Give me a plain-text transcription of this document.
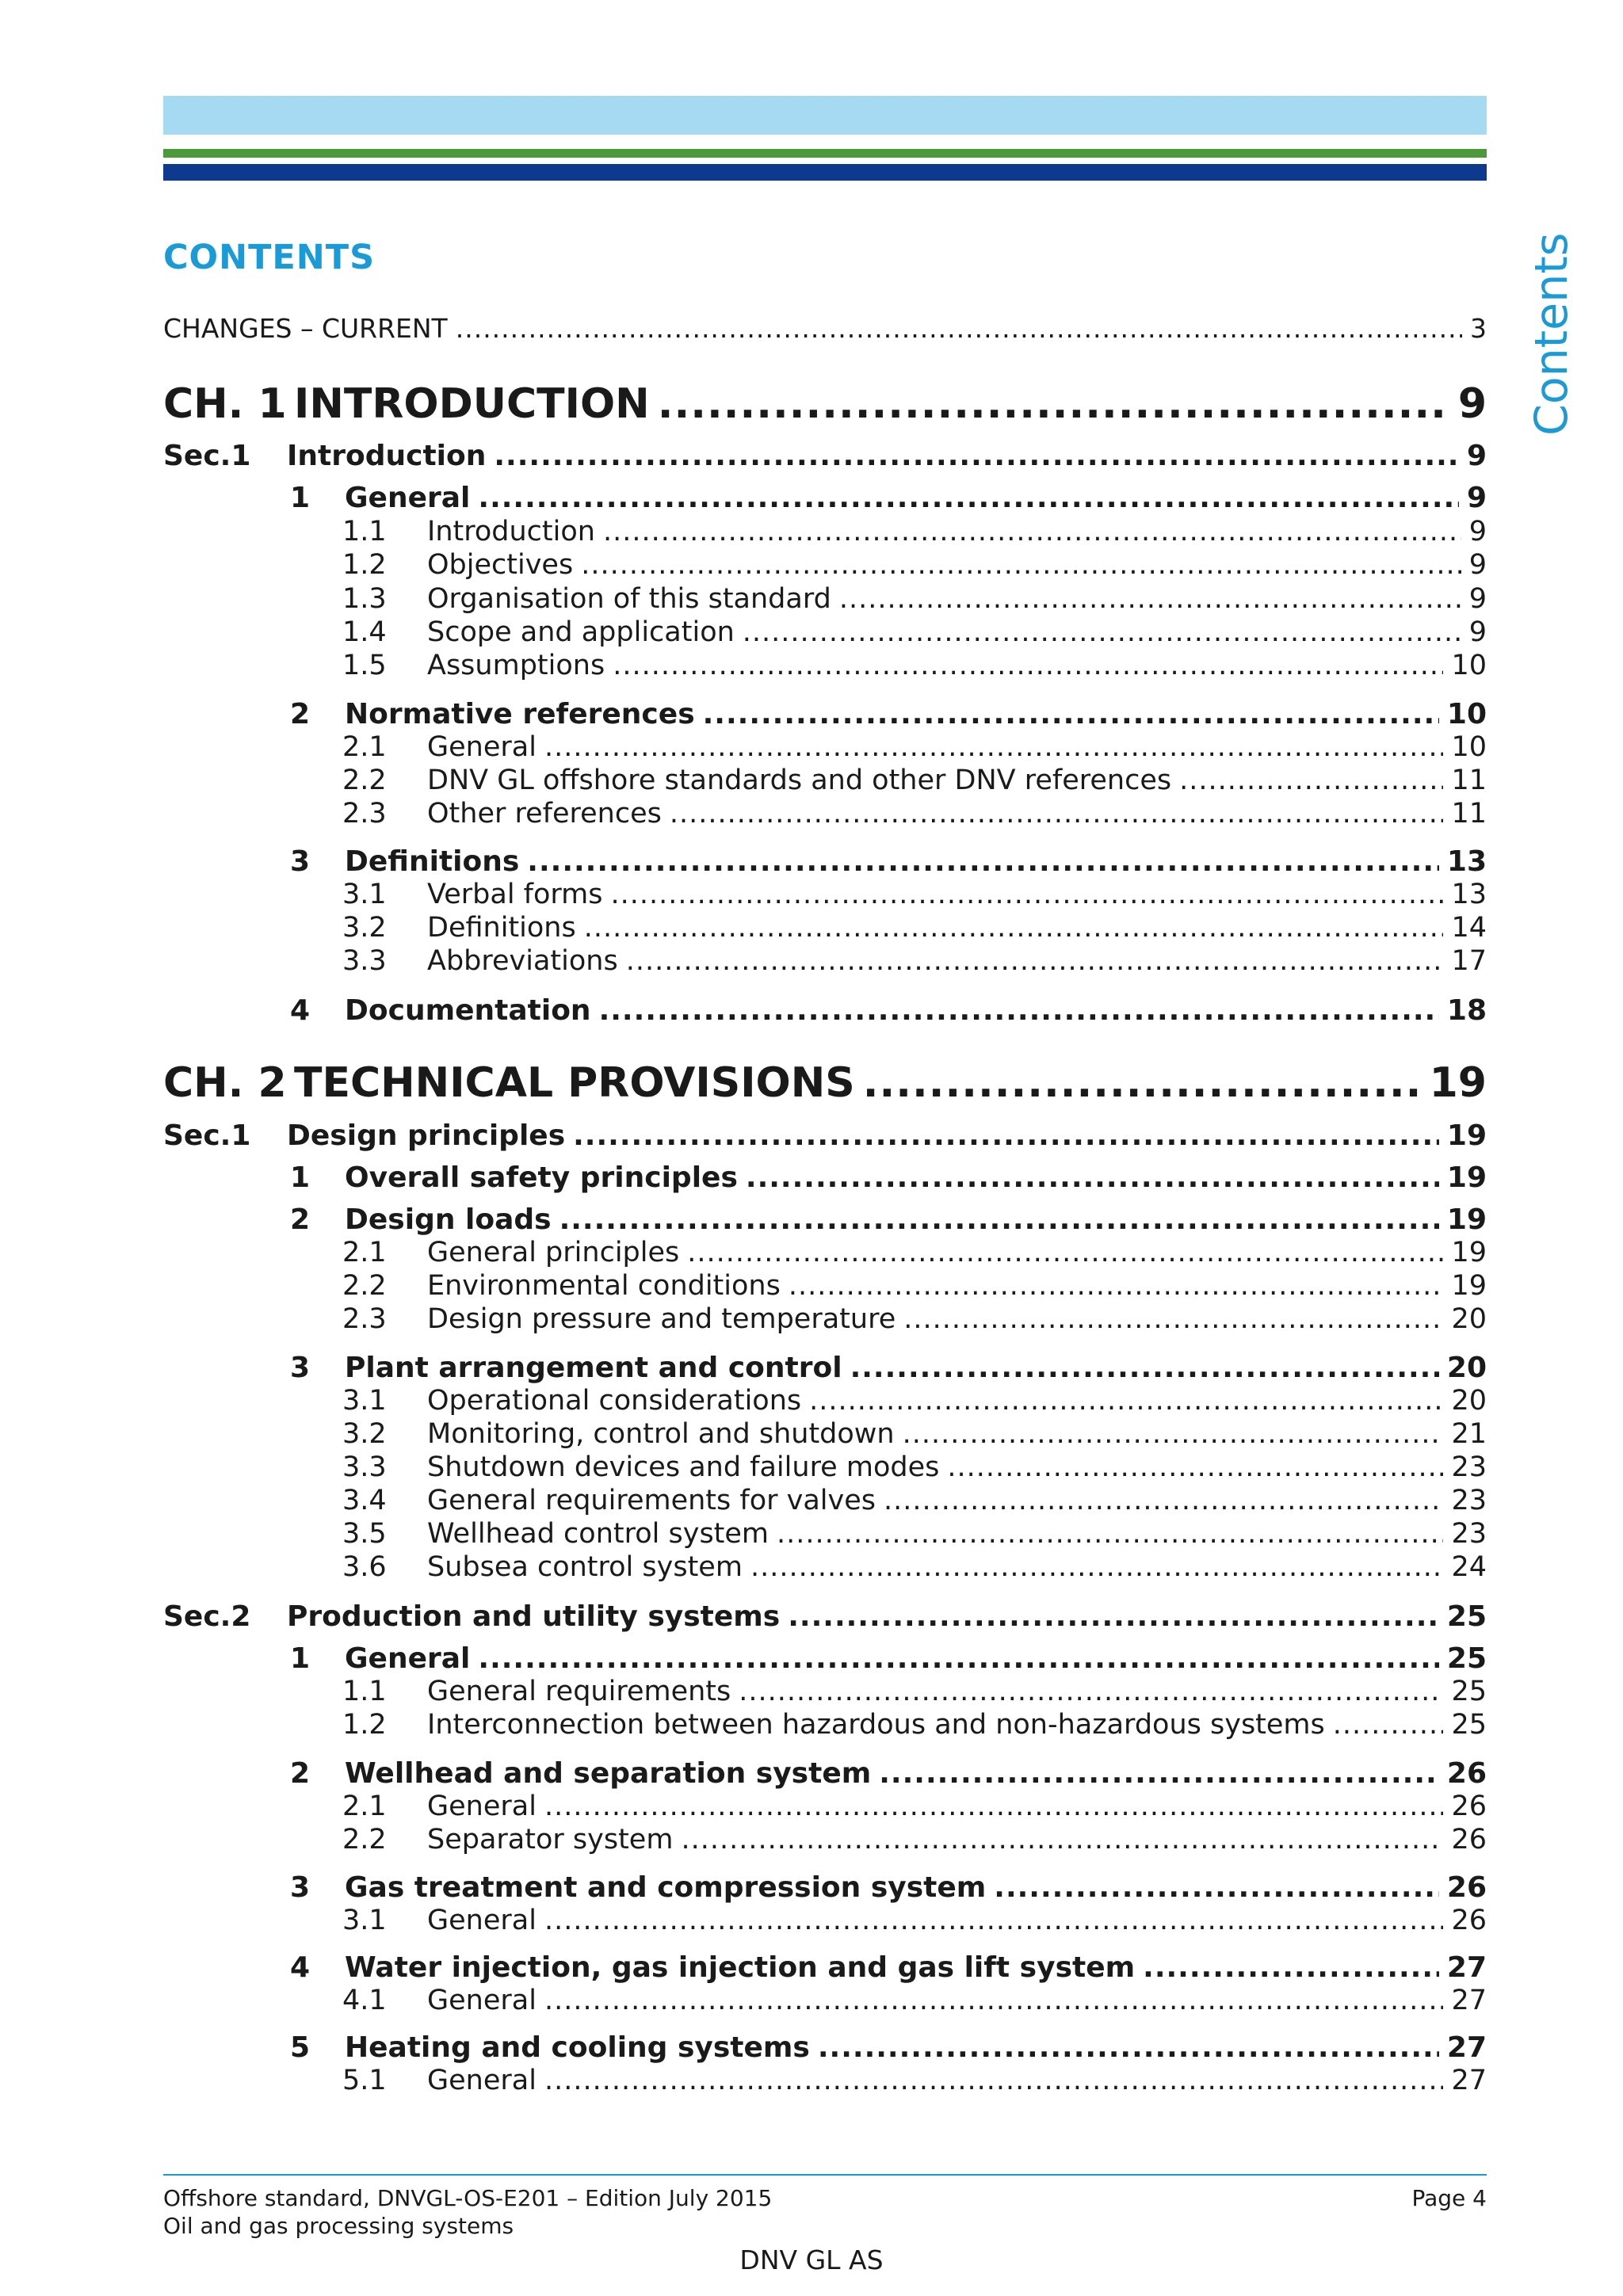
Contents
CONTENTS
CHANGES – CURRENT .....	3
CH. 1 INTRODUCTION .....	9
Sec.1	Introduction .....	9
1	General .....	9
1.1	Introduction .....	9
1.2	Objectives .....	9
1.3	Organisation of this standard .....	9
1.4	Scope and application .....	9
1.5	Assumptions .....	10
2	Normative references .....	10
2.1	General .....	10
2.2	DNV GL offshore standards and other DNV references .....	11
2.3	Other references .....	11
3	Definitions .....	13
3.1	Verbal forms .....	13
3.2	Definitions .....	14
3.3	Abbreviations .....	17
4	Documentation .....	18
CH. 2 TECHNICAL PROVISIONS .....	19
Sec.1	Design principles .....	19
1	Overall safety principles .....	19
2	Design loads .....	19
2.1	General principles .....	19
2.2	Environmental conditions .....	19
2.3	Design pressure and temperature .....	20
3	Plant arrangement and control .....	20
3.1	Operational considerations .....	20
3.2	Monitoring, control and shutdown .....	21
3.3	Shutdown devices and failure modes .....	23
3.4	General requirements for valves .....	23
3.5	Wellhead control system .....	23
3.6	Subsea control system .....	24
Sec.2	Production and utility systems .....	25
1	General .....	25
1.1	General requirements .....	25
1.2	Interconnection between hazardous and non-hazardous systems .....	25
2	Wellhead and separation system .....	26
2.1	General .....	26
2.2	Separator system .....	26
3	Gas treatment and compression system .....	26
3.1	General .....	26
4	Water injection, gas injection and gas lift system .....	27
4.1	General .....	27
5	Heating and cooling systems .....	27
5.1	General .....	27
Offshore standard, DNVGL-OS-E201 – Edition July 2015
Oil and gas processing systems
Page 4
DNV GL AS
